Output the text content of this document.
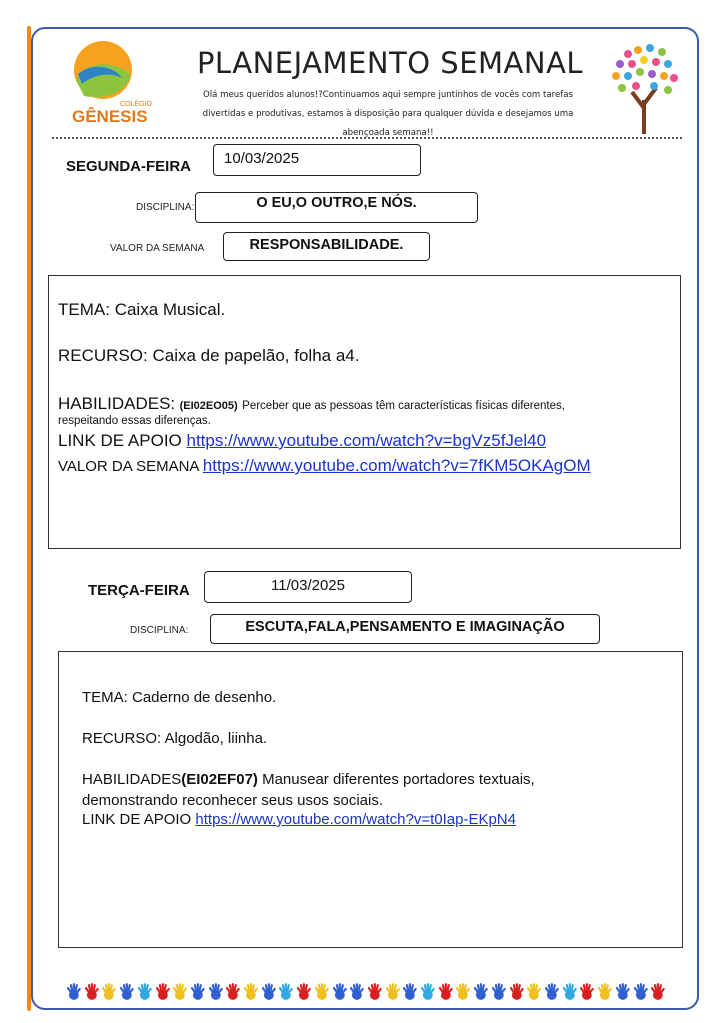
COLÉGIO
GÊNESIS
PLANEJAMENTO SEMANAL
Olá meus queridos alunos!?Continuamos aqui sempre juntinhos de vocês com tarefas
divertidas e produtivas, estamos à disposição para qualquer dúvida e desejamos uma
abençoada semana!!
SEGUNDA-FEIRA	10/03/2025
DISCIPLINA:	O EU,O OUTRO,E NÓS.
VALOR DA SEMANA	RESPONSABILIDADE.
TEMA: Caixa Musical.
RECURSO: Caixa de papelão, folha a4.
HABILIDADES: (EI02EO05) Perceber que as pessoas têm características físicas diferentes,
respeitando essas diferenças.
LINK DE APOIO https://www.youtube.com/watch?v=bgVz5fJel40
VALOR DA SEMANA https://www.youtube.com/watch?v=7fKM5OKAgOM
TERÇA-FEIRA	11/03/2025
DISCIPLINA:	ESCUTA,FALA,PENSAMENTO E IMAGINAÇÃO
TEMA: Caderno de desenho.
RECURSO: Algodão, liinha.
HABILIDADES(EI02EF07) Manusear diferentes portadores textuais,
demonstrando reconhecer seus usos sociais.
LINK DE APOIO https://www.youtube.com/watch?v=t0Iap-EKpN4
